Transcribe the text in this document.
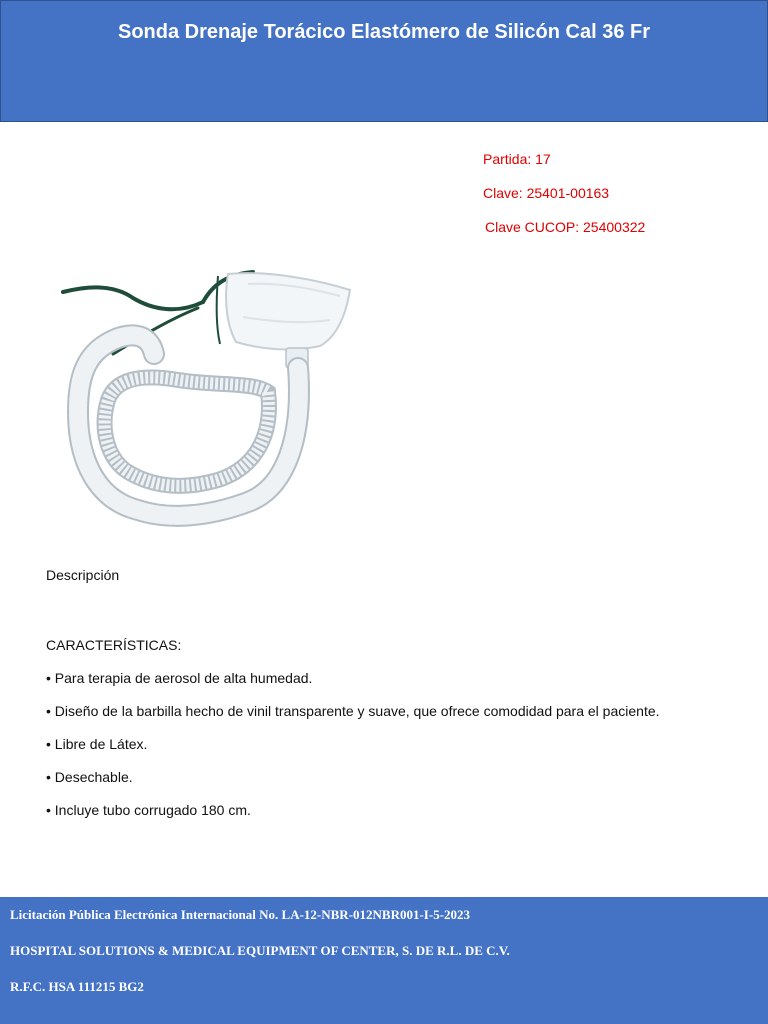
Sonda Drenaje Torácico Elastómero de Silicón Cal 36 Fr
Partida: 17
Clave: 25401-00163
Clave CUCOP: 25400322
Descripción
CARACTERÍSTICAS:
• Para terapia de aerosol de alta humedad.
• Diseño de la barbilla hecho de vinil transparente y suave, que ofrece comodidad para el paciente.
• Libre de Látex.
• Desechable.
• Incluye tubo corrugado 180 cm.
Licitación Pública Electrónica Internacional No. LA-12-NBR-012NBR001-I-5-2023
HOSPITAL SOLUTIONS & MEDICAL EQUIPMENT OF CENTER, S. DE R.L. DE C.V.
R.F.C. HSA 111215 BG2
